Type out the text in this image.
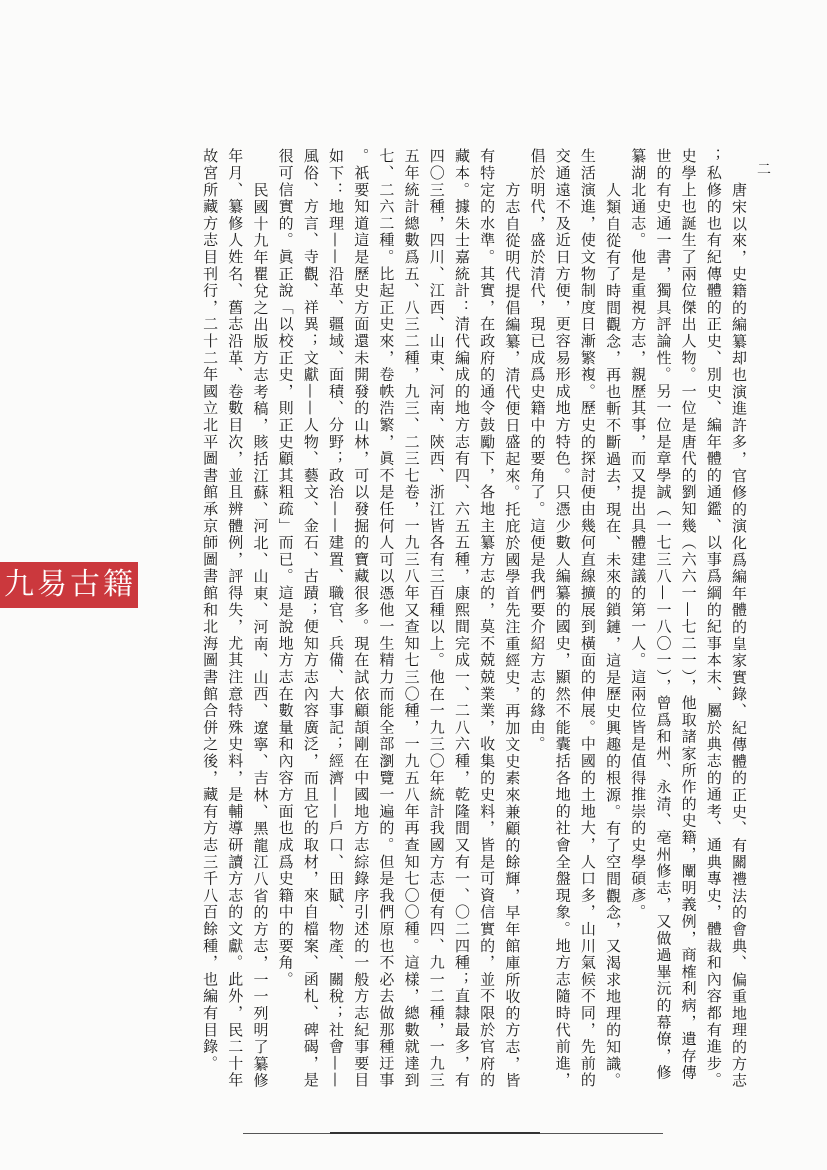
二
唐宋以來，史籍的編纂却也演進許多，官修的演化爲編年體的皇家實錄、紀傳體的正史、有關禮法的會典、偏重地理的方志
；私修的也有紀傳體的正史、別史、編年體的通鑑、以事爲綱的紀事本末、屬於典志的通考、通典專史，體裁和內容都有進步。
史學上也誕生了兩位傑出人物。一位是唐代的劉知幾（六六一—七二一），他取諸家所作的史籍，闡明義例，商榷利病，遺存傳
世的有史通一書，獨具評論性。另一位是章學誠（一七三八—一八〇一），曾爲和州、永清、亳州修志，又做過畢沅的幕僚，修
纂湖北通志。他是重視方志，親歷其事，而又提出具體建議的第一人。這兩位皆是值得推崇的史學碩彥。
人類自從有了時間觀念，再也斬不斷過去，現在、未來的鎖鏈，這是歷史興趣的根源。有了空間觀念，又渴求地理的知識。
生活演進，使文物制度日漸繁複。歷史的探討便由幾何直線擴展到橫面的伸展。中國的土地大，人口多，山川氣候不同，先前的
交通遠不及近日方便，更容易形成地方特色。只憑少數人編纂的國史，顯然不能囊括各地的社會全盤現象。地方志隨時代前進，
倡於明代，盛於清代，現已成爲史籍中的要角了。這便是我們要介紹方志的緣由。
方志自從明代提倡編纂，清代便日盛起來。托庇於國學首先注重經史，再加文史素來兼顧的餘輝，早年館庫所收的方志，皆
有特定的水準。其實，在政府的通令鼓勵下，各地主纂方志的，莫不兢兢業業，收集的史料，皆是可資信實的，並不限於官府的
藏本。據朱士嘉統計：清代編成的地方志有四、六五五種，康熙間完成一、二八六種，乾隆間又有一、〇二四種；直隸最多，有
四〇三種，四川、江西、山東、河南、陝西、浙江皆各有三百種以上。他在一九三〇年統計我國方志便有四、九一二種，一九三
五年統計總數爲五、八三二種，九三、二三七卷，一九三八年又查知七三〇種，一九五八年再查知七〇〇種。這樣，總數就達到
七、二六二種。比起正史來，卷帙浩繁，眞不是任何人可以憑他一生精力而能全部瀏覽一遍的。但是我們原也不必去做那種迂事
。祇要知道這是歷史方面還未開發的山林，可以發掘的寶藏很多。現在試依顧頡剛在中國地方志綜錄序引述的一般方志紀事要目
如下：地理——沿革、疆域、面積、分野；政治——建置、職官、兵備、大事記；經濟——戶口、田賦、物產、關稅；社會——
風俗、方言、寺觀、祥異；文獻——人物、藝文、金石、古蹟；便知方志內容廣泛，而且它的取材，來自檔案、函札、碑碣，是
很可信實的。眞正說「以校正史，則正史顧其粗疏」而已。這是說地方志在數量和內容方面也成爲史籍中的要角。
民國十九年瞿兌之出版方志考稿，賅括江蘇、河北、山東、河南、山西、遼寧、吉林、黑龍江八省的方志，一一列明了纂修
年月、纂修人姓名、舊志沿革、卷數目次，並且辨體例，評得失，尤其注意特殊史料，是輔導研讀方志的文獻。此外，民二十年
故宮所藏方志目刊行，二十二年國立北平圖書館承京師圖書館和北海圖書館合併之後，藏有方志三千八百餘種，也編有目錄。
九易古籍
